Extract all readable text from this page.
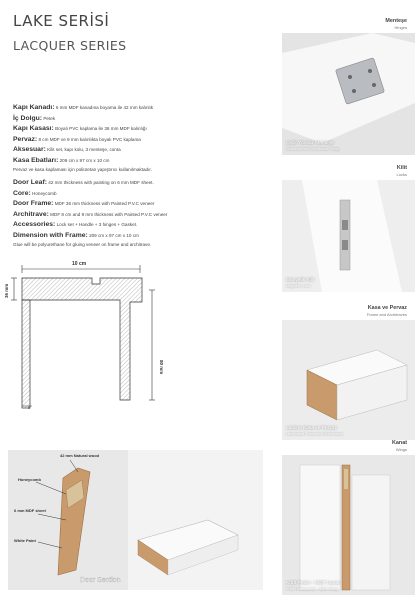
LAKE SERİSİ
LACQUER SERIES
Kapı Kanadı: 6 mm MDF kanadına boyama ile 42 mm kalınlık
İç Dolgu: Petek
Kapı Kasası: Boyalı PVC kaplama ile 36 mm MDF kalınlığı
Pervaz: 8 cm MDF ve 9 mm kalınlıkta boyalı PVC kaplama
Aksesuar: Kilit set, kapı kolu, 3 menteşe, conta
Kasa Ebatları: 209 cm x 97 cm x 10 cm
Pervaz ve kasa kaplaması için poliüretan yapıştırıcı kullanılmaktadır.
Door Leaf: 42 mm thickness with painting on 6 mm MDF sheet.
Core: Honeycomb
Door Frame: MDF 36 mm thickness with Painted P.V.C veneer
Architrave: MDF 8 cm and 9 mm thickness with Painted P.V.C veneer
Accessories: Lock set + Handle + 3 hinges + Gasket.
Dimension with Frame: 209 cm x 97 cm x 10 cm
Glue will be polyurethane for gluing veneer on frame and architrave.
10 cm
36 mm
80 mm
g
42 mm Natural wood
Honeycomb
6 mm MDF sheet
White Paint
Door Section
Menteşe
Hinges
Çelik Yönsüz Menteşe
Stainless Non Directional Hinge
Kilit
Locks
Manyetik Kilit
Magnetic Lock
Kasa ve Pervaz
Frame and Architraves
Lamine Kasa ve Pervaz
Laminated Frame and Architraves
Kanat
Wings
Kraft Petek + MDF Kanat
Kraft Honeycomb + MDF Wing
